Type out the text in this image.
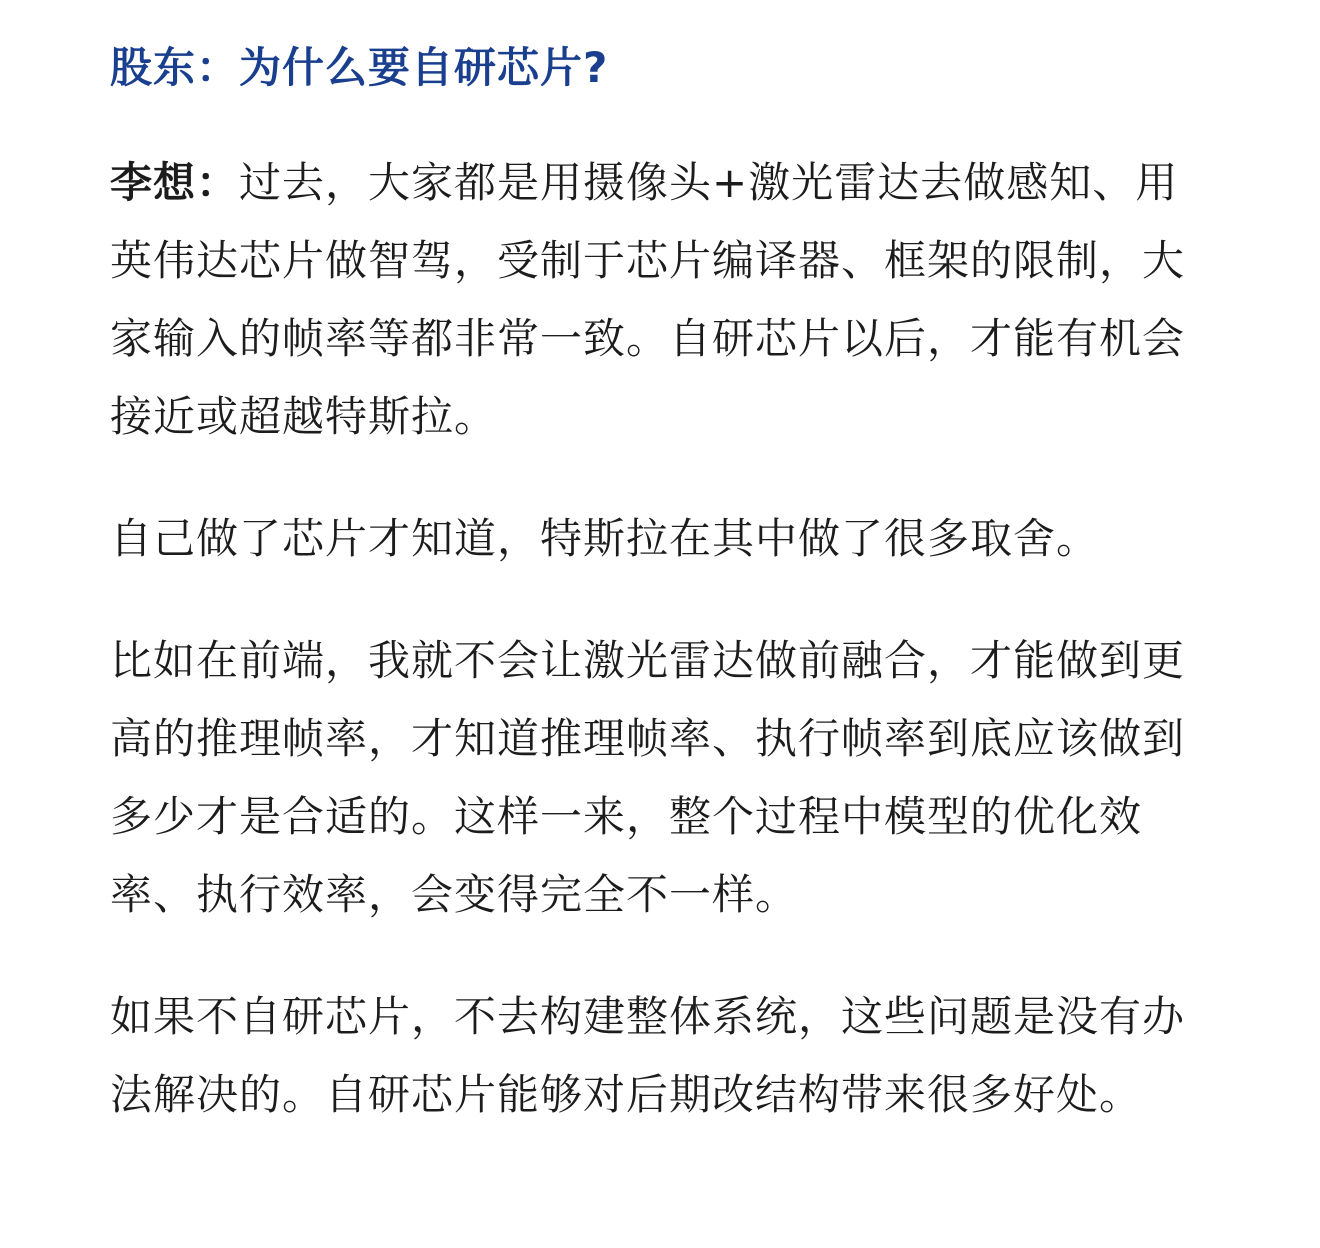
股东：为什么要自研芯片?

李想：过去，大家都是用摄像头+激光雷达去做感知、用英伟达芯片做智驾，受制于芯片编译器、框架的限制，大家输入的帧率等都非常一致。自研芯片以后，才能有机会接近或超越特斯拉。

自己做了芯片才知道，特斯拉在其中做了很多取舍。

比如在前端，我就不会让激光雷达做前融合，才能做到更高的推理帧率，才知道推理帧率、执行帧率到底应该做到多少才是合适的。这样一来，整个过程中模型的优化效率、执行效率，会变得完全不一样。

如果不自研芯片，不去构建整体系统，这些问题是没有办法解决的。自研芯片能够对后期改结构带来很多好处。
